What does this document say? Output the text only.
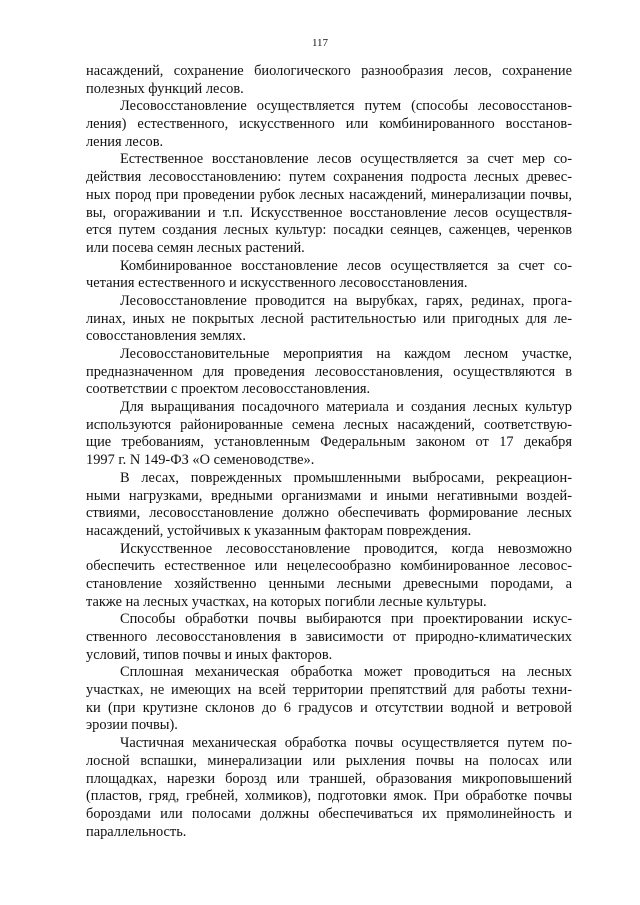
117
насаждений, сохранение биологического разнообразия лесов, сохранение
полезных функций лесов.
Лесовосстановление осуществляется путем (способы лесовосстанов-
ления) естественного, искусственного или комбинированного восстанов-
ления лесов.
Естественное восстановление лесов осуществляется за счет мер со-
действия лесовосстановлению: путем сохранения подроста лесных древес-
ных пород при проведении рубок лесных насаждений, минерализации почвы,
вы, огораживании и т.п. Искусственное восстановление лесов осуществля-
ется путем создания лесных культур: посадки сеянцев, саженцев, черенков
или посева семян лесных растений.
Комбинированное восстановление лесов осуществляется за счет со-
четания естественного и искусственного лесовосстановления.
Лесовосстановление проводится на вырубках, гарях, рединах, прога-
линах, иных не покрытых лесной растительностью или пригодных для ле-
совосстановления землях.
Лесовосстановительные мероприятия на каждом лесном участке,
предназначенном для проведения лесовосстановления, осуществляются в
соответствии с проектом лесовосстановления.
Для выращивания посадочного материала и создания лесных культур
используются районированные семена лесных насаждений, соответствую-
щие требованиям, установленным Федеральным законом от 17 декабря
1997 г. N 149-ФЗ «О семеноводстве».
В лесах, поврежденных промышленными выбросами, рекреацион-
ными нагрузками, вредными организмами и иными негативными воздей-
ствиями, лесовосстановление должно обеспечивать формирование лесных
насаждений, устойчивых к указанным факторам повреждения.
Искусственное лесовосстановление проводится, когда невозможно
обеспечить естественное или нецелесообразно комбинированное лесовос-
становление хозяйственно ценными лесными древесными породами, а
также на лесных участках, на которых погибли лесные культуры.
Способы обработки почвы выбираются при проектировании искус-
ственного лесовосстановления в зависимости от природно-климатических
условий, типов почвы и иных факторов.
Сплошная механическая обработка может проводиться на лесных
участках, не имеющих на всей территории препятствий для работы техни-
ки (при крутизне склонов до 6 градусов и отсутствии водной и ветровой
эрозии почвы).
Частичная механическая обработка почвы осуществляется путем по-
лосной вспашки, минерализации или рыхления почвы на полосах или
площадках, нарезки борозд или траншей, образования микроповышений
(пластов, гряд, гребней, холмиков), подготовки ямок. При обработке почвы
бороздами или полосами должны обеспечиваться их прямолинейность и
параллельность.
